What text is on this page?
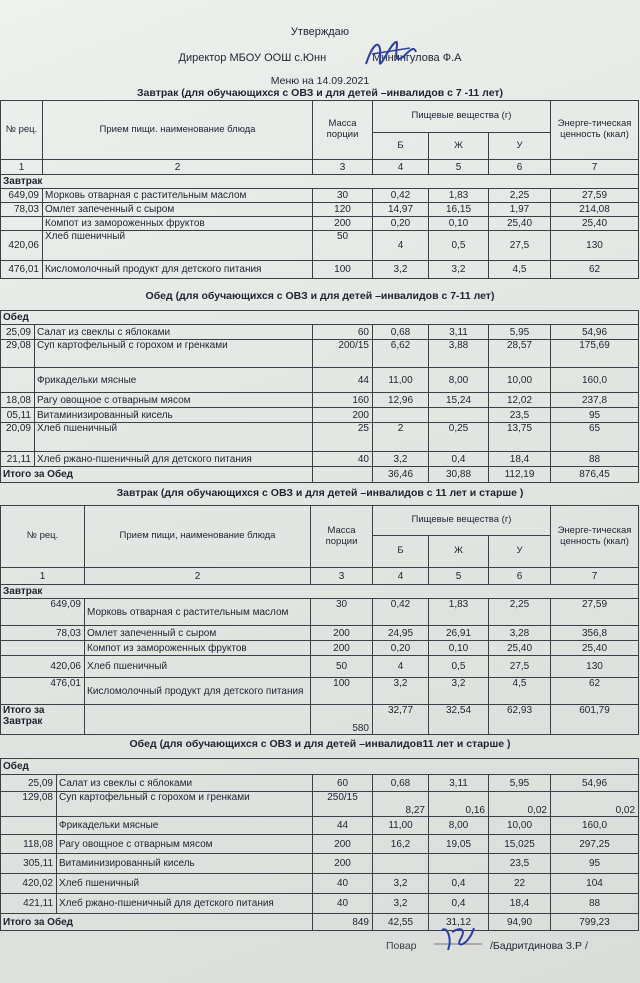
Утверждаю
Директор МБОУ ООШ с.Юнн	Минингулова Ф.А
Меню на 14.09.2021
Завтрак (для обучающихся с ОВЗ и для детей –инвалидов с 7 -11 лет)
№ рец.	Прием пищи. наименование блюда	Масса порции	Пищевые вещества (г)			Энерге-тическая ценность (ккал)
			Б	Ж	У	
1	2	3	4	5	6	7
Завтрак						
649,09	Морковь отварная с растительным маслом	30	0,42	1,83	2,25	27,59
78,03	Омлет запеченный с сыром	120	14,97	16,15	1,97	214,08
	Компот из замороженных фруктов	200	0,20	0,10	25,40	25,40
420,06	Хлеб пшеничный	50	4	0,5	27,5	130
476,01	Кисломолочный продукт для детского питания	100	3,2	3,2	4,5	62
Обед (для обучающихся с ОВЗ и для детей –инвалидов с 7-11 лет)
Обед						
25,09	Салат из свеклы с яблоками	60	0,68	3,11	5,95	54,96
29,08	Суп картофельный с горохом и гренками	200/15	6,62	3,88	28,57	175,69
	Фрикадельки мясные	44	11,00	8,00	10,00	160,0
18,08	Рагу овощное с отварным мясом	160	12,96	15,24	12,02	237,8
05,11	Витаминизированный кисель	200			23,5	95
20,09	Хлеб пшеничный	25	2	0,25	13,75	65
21,11	Хлеб ржано-пшеничный для детского питания	40	3,2	0,4	18,4	88
Итого за Обед			36,46	30,88	112,19	876,45
Завтрак (для обучающихся с ОВЗ и для детей –инвалидов с 11 лет и старше )
№ рец.	Прием пищи, наименование блюда	Масса порции	Пищевые вещества (г)			Энерге-тическая ценность (ккал)
			Б	Ж	У	
1	2	3	4	5	6	7
Завтрак						
649,09	Морковь отварная с растительным маслом	30	0,42	1,83	2,25	27,59
78,03	Омлет запеченный с сыром	200	24,95	26,91	3,28	356,8
	Компот из замороженных фруктов	200	0,20	0,10	25,40	25,40
420,06	Хлеб пшеничный	50	4	0,5	27,5	130
476,01	Кисломолочный продукт для детского питания	100	3,2	3,2	4,5	62
Итого за Завтрак		580	32,77	32,54	62,93	601,79
Обед (для обучающихся с ОВЗ и для детей –инвалидов11 лет и старше )
Обед						
25,09	Салат из свеклы с яблоками	60	0,68	3,11	5,95	54,96
129,08	Суп картофельный с горохом и гренками	250/15	8,27	0,16	0,02	0,02
	Фрикадельки мясные	44	11,00	8,00	10,00	160,0
118,08	Рагу овощное с отварным мясом	200	16,2	19,05	15,025	297,25
305,11	Витаминизированный кисель	200			23,5	95
420,02	Хлеб пшеничный	40	3,2	0,4	22	104
421,11	Хлеб ржано-пшеничный для детского питания	40	3,2	0,4	18,4	88
Итого за Обед		849	42,55	31,12	94,90	799,23
Повар	/Бадритдинова З.Р /
